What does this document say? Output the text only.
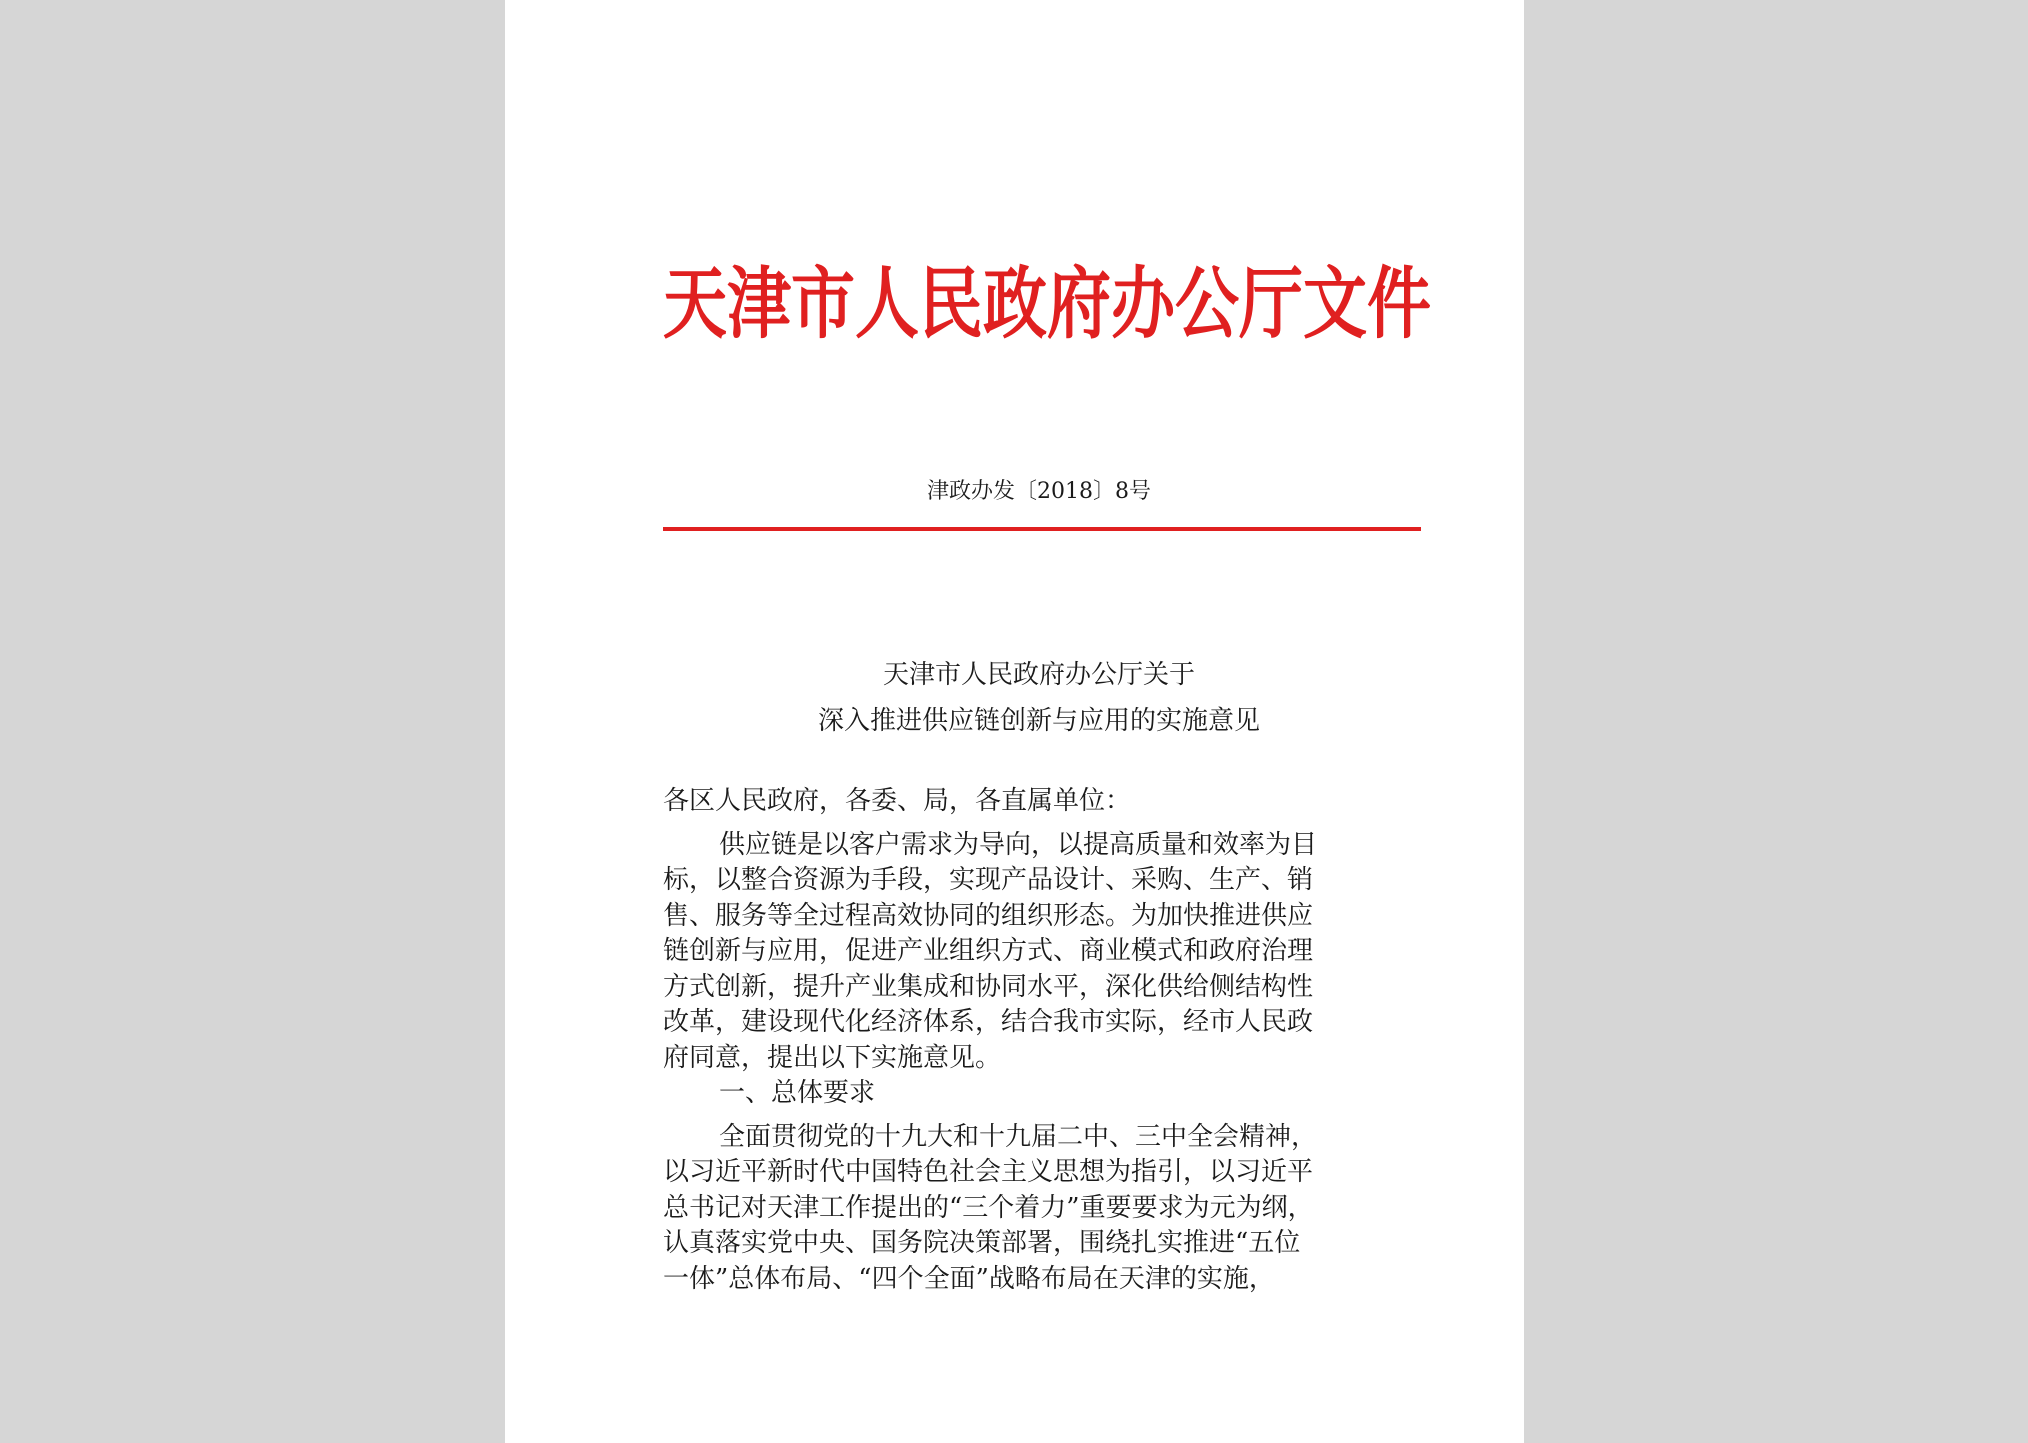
天津市人民政府办公厅文件
津政办发〔2018〕8号
天津市人民政府办公厅关于
深入推进供应链创新与应用的实施意见
各区人民政府，各委、局，各直属单位：
供应链是以客户需求为导向，以提高质量和效率为目
标，以整合资源为手段，实现产品设计、采购、生产、销
售、服务等全过程高效协同的组织形态。为加快推进供应
链创新与应用，促进产业组织方式、商业模式和政府治理
方式创新，提升产业集成和协同水平，深化供给侧结构性
改革，建设现代化经济体系，结合我市实际，经市人民政
府同意，提出以下实施意见。
一、总体要求
全面贯彻党的十九大和十九届二中、三中全会精神，
以习近平新时代中国特色社会主义思想为指引，以习近平
总书记对天津工作提出的“三个着力”重要要求为元为纲，
认真落实党中央、国务院决策部署，围绕扎实推进“五位
一体”总体布局、“四个全面”战略布局在天津的实施，
